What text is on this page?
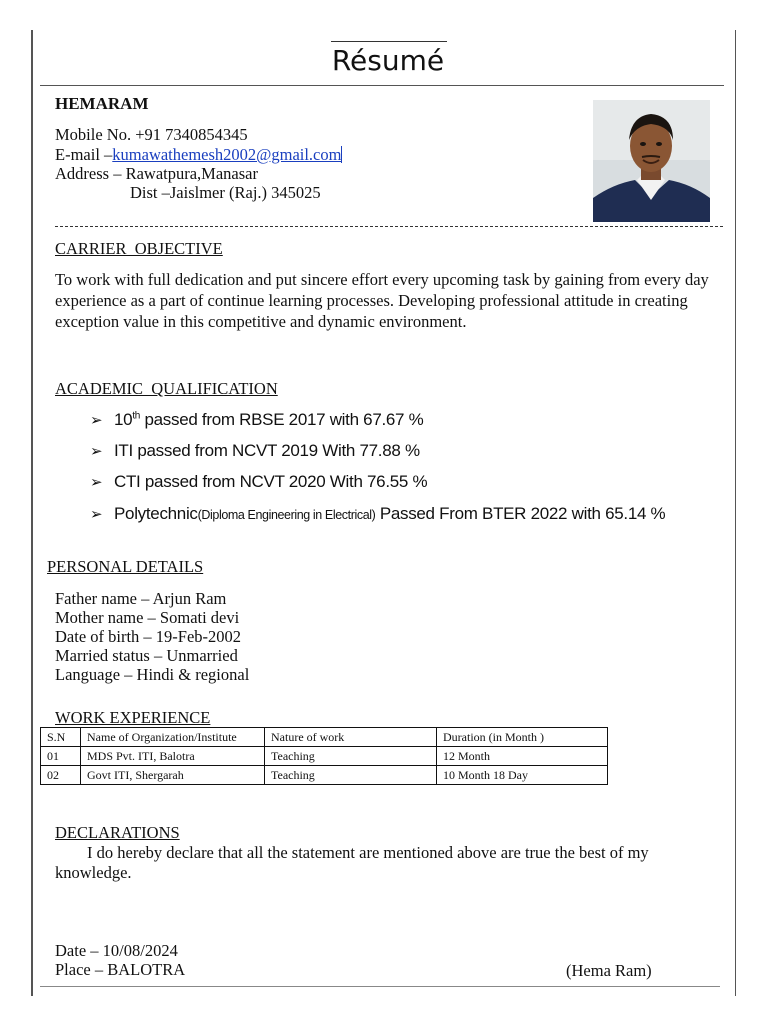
Résumé
HEMARAM
Mobile No. +91 7340854345
E-mail –kumawathemesh2002@gmail.com
Address – Rawatpura,Manasar
Dist –Jaislmer (Raj.) 345025
CARRIER  OBJECTIVE
To work with full dedication and put sincere effort every upcoming task by gaining from every day experience as a part of continue learning processes. Developing professional attitude in creating exception value in this competitive and dynamic environment.
ACADEMIC  QUALIFICATION
➢ 10th passed from RBSE 2017 with 67.67 %
➢ ITI passed from NCVT 2019 With 77.88 %
➢ CTI passed from NCVT 2020 With 76.55 %
➢ Polytechnic(Diploma Engineering in Electrical) Passed From BTER 2022 with 65.14 %
PERSONAL DETAILS
Father name – Arjun Ram
Mother name – Somati devi
Date of birth – 19-Feb-2002
Married status – Unmarried
Language – Hindi & regional
WORK EXPERIENCE
S.N	Name of Organization/Institute	Nature of work	Duration (in Month )
01	MDS Pvt. ITI, Balotra	Teaching	12 Month
02	Govt ITI, Shergarah	Teaching	10 Month 18 Day
DECLARATIONS
I do hereby declare that all the statement are mentioned above are true the best of my knowledge.
Date – 10/08/2024
Place – BALOTRA	(Hema Ram)
